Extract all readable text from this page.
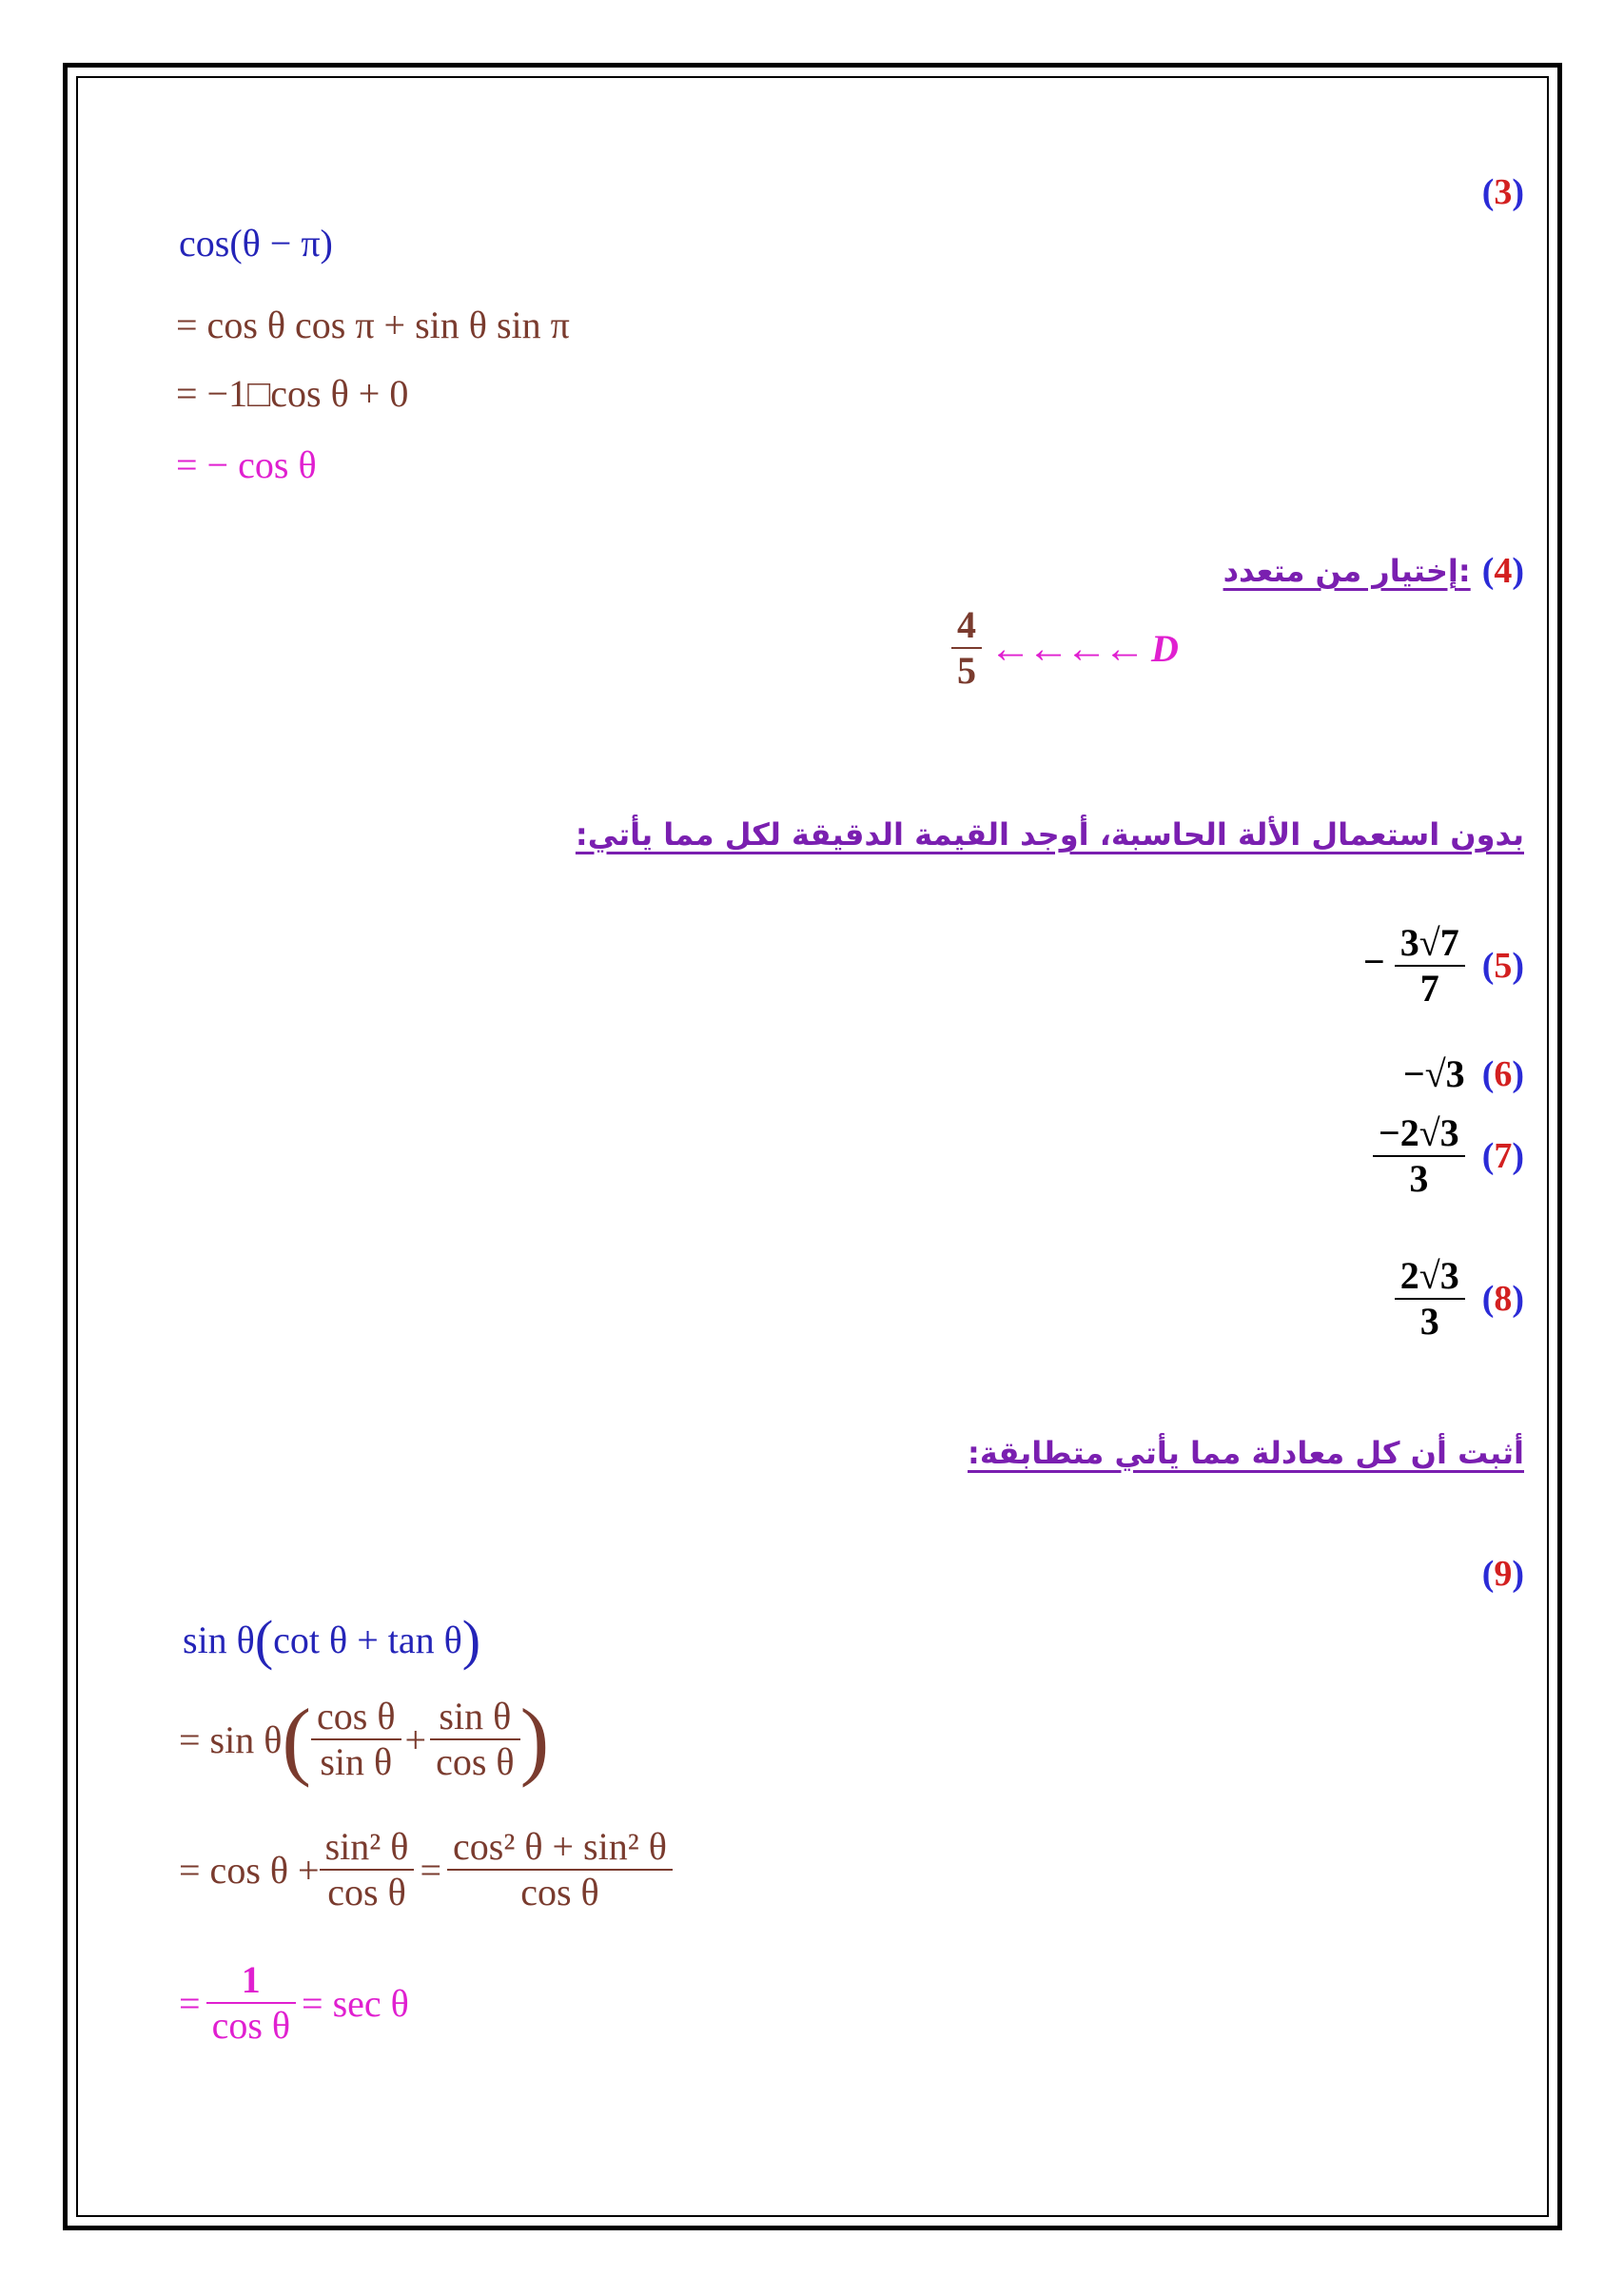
(3)
cos(θ − π)
= cos θ cos π + sin θ sin π
= −1□cos θ + 0
= − cos θ
إختيار من متعدد: (4)
$\frac{4}{5}$ ←←←← D
بدون استعمال الألة الحاسبة، أوجد القيمة الدقيقة لكل مما يأتي:
− $\frac{3√7}{7} (5)$
−√3 (6)
$\frac{-2√3}{3} (7)$
$\frac{2√3}{3} (8)$
أثبت أن كل معادلة مما يأتي متطابقة:
(9)
sin θ(cot θ + tan θ)
= sin θ ( $\frac{\text{cos θ}}{\text{sin θ}} + \frac{\text{sin θ}}{\text{cos θ}}$ )
= $\cos \theta + \frac{\text{sin² θ}}{\text{cos θ}} = \frac{\text{cos² θ + sin² θ}}{\text{cos θ}}$
= $\frac{1}{\text{cos θ}} = \sec \theta$
